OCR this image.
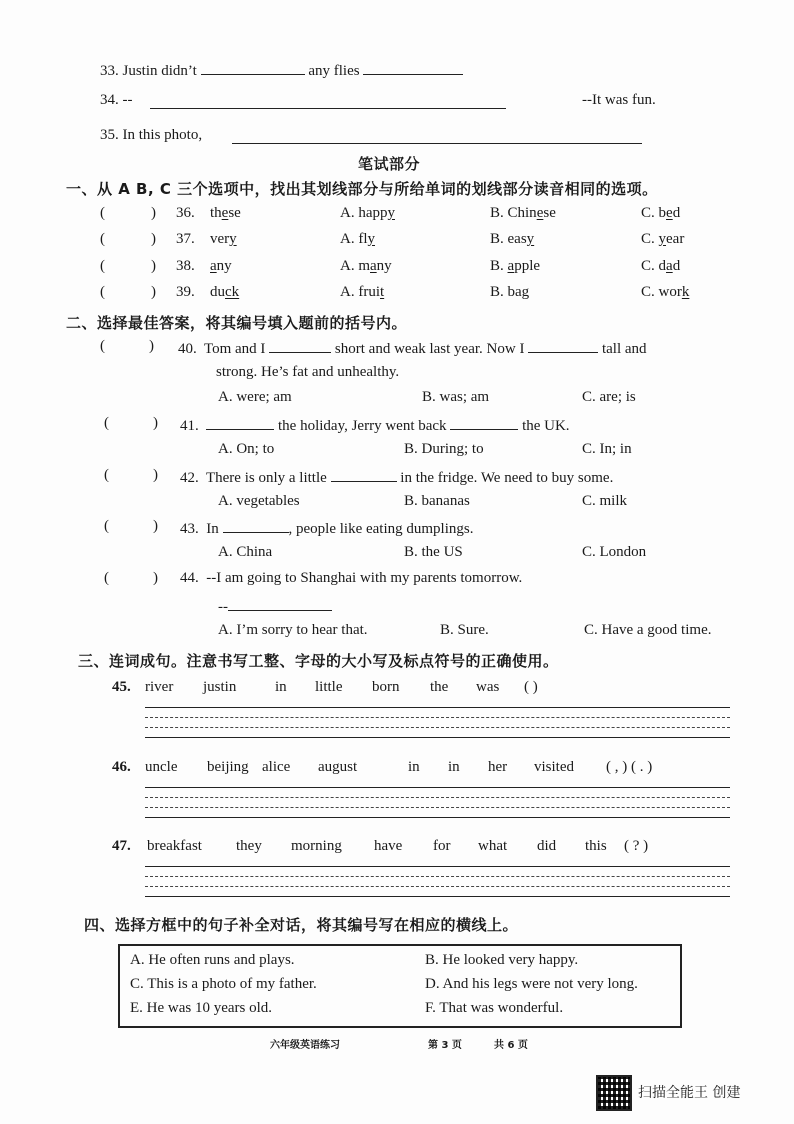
33. Justin didn’t	any flies
34. --	--It was fun.
35. In this photo,
笔试部分
一、从 A B, C 三个选项中，找出其划线部分与所给单词的划线部分读音相同的选项。
(	) 36. these	A. happy	B. Chinese	C. bed
(	) 37. very	A. fly	B. easy	C. year
(	) 38. any	A. many	B. apple	C. dad
(	) 39. duck	A. fruit	B. bag	C. work
二、选择最佳答案，将其编号填入题前的括号内。
(	) 40. Tom and I	short and weak last year. Now I	tall and
strong. He’s fat and unhealthy.
A. were; am	B. was; am	C. are; is
(	) 41.	the holiday, Jerry went back	the UK.
A. On; to	B. During; to	C. In; in
(	) 42. There is only a little	in the fridge. We need to buy some.
A. vegetables	B. bananas	C. milk
(	) 43. In	, people like eating dumplings.
A. China	B. the US	C. London
(	) 44. --I am going to Shanghai with my parents tomorrow.
--
A. I’m sorry to hear that.	B. Sure.	C. Have a good time.
三、连词成句。注意书写工整、字母的大小写及标点符号的正确使用。
45. river justin	in little born the was ( )
46. uncle beijing alice august	in in her visited ( , ) ( . )
47. breakfast they morning have for what did this ( ? )
四、选择方框中的句子补全对话，将其编号写在相应的横线上。
A. He often runs and plays.	B. He looked very happy.
C. This is a photo of my father.	D. And his legs were not very long.
E. He was 10 years old.	F. That was wonderful.
六年级英语练习	第 3 页	共 6 页
扫描全能王 创建
